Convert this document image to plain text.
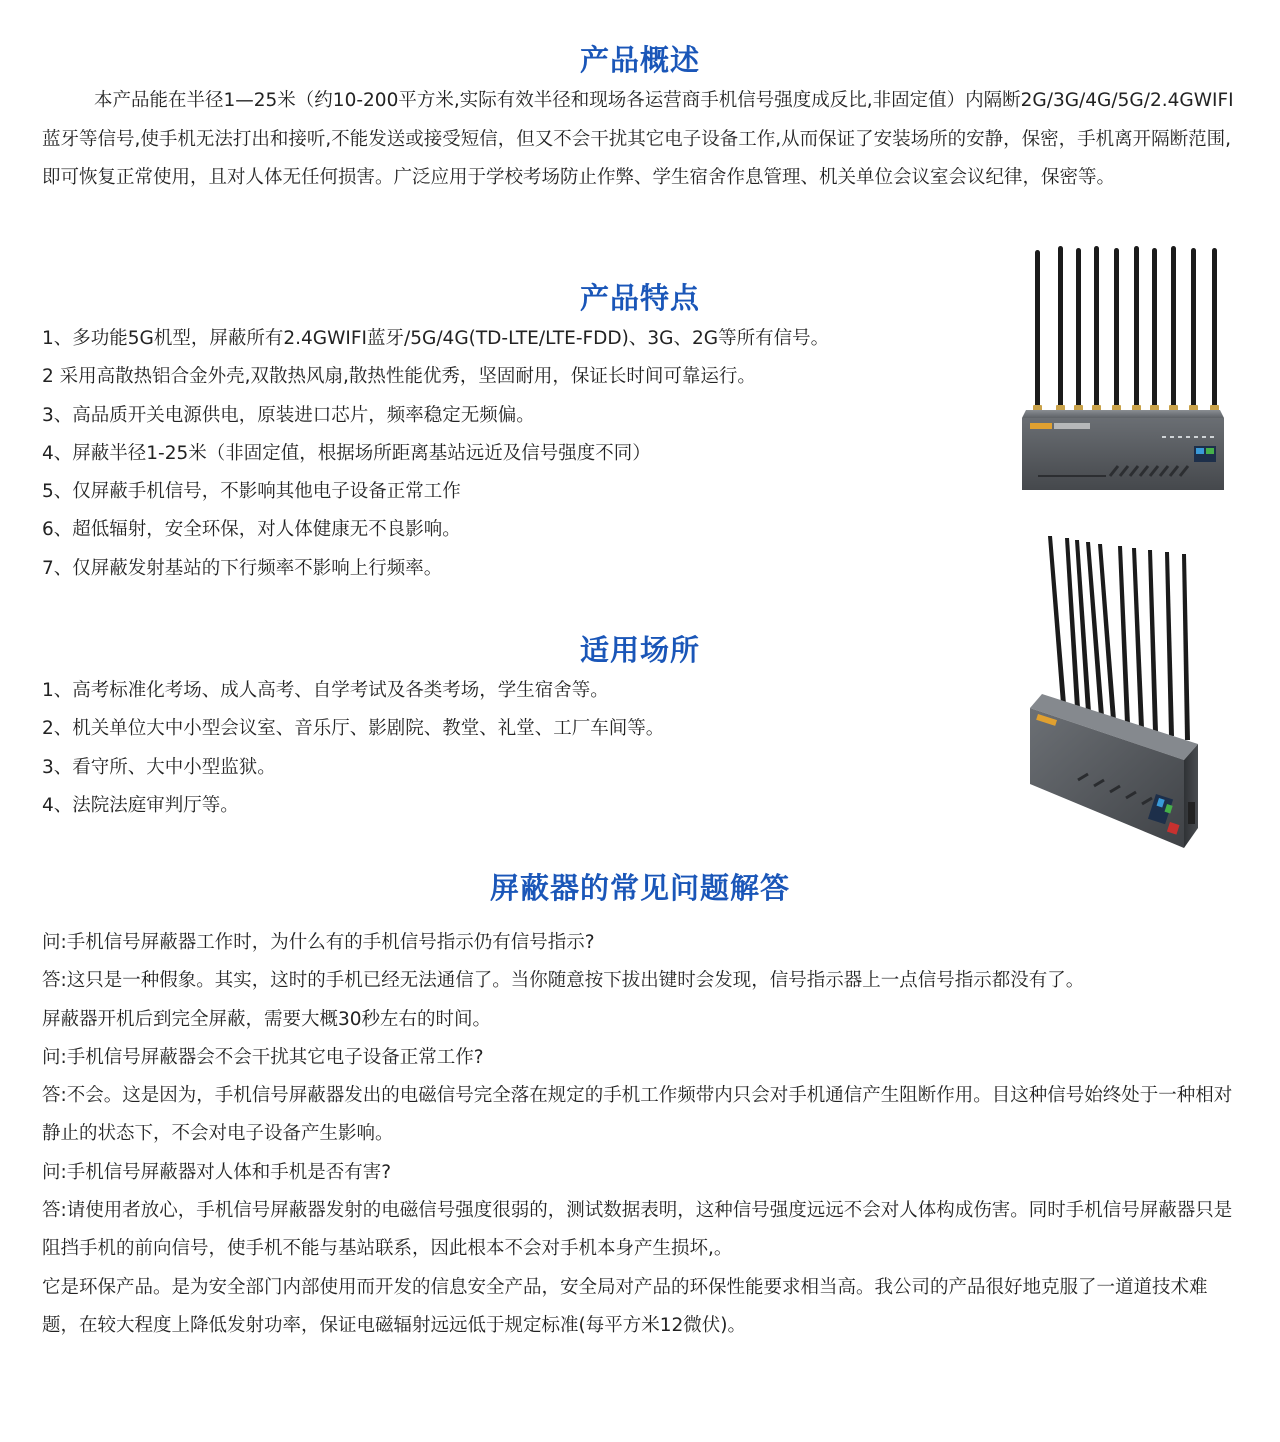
产品概述

本产品能在半径1—25米（约10-200平方米,实际有效半径和现场各运营商手机信号强度成反比,非固定值）内隔断2G/3G/4G/5G/2.4GWIFI蓝牙等信号,使手机无法打出和接听,不能发送或接受短信，但又不会干扰其它电子设备工作,从而保证了安装场所的安静，保密，手机离开隔断范围,即可恢复正常使用，且对人体无任何损害。广泛应用于学校考场防止作弊、学生宿舍作息管理、机关单位会议室会议纪律，保密等。

产品特点
1、多功能5G机型，屏蔽所有2.4GWIFI蓝牙/5G/4G(TD-LTE/LTE-FDD)、3G、2G等所有信号。
2 采用高散热铝合金外壳,双散热风扇,散热性能优秀，坚固耐用，保证长时间可靠运行。
3、高品质开关电源供电，原装进口芯片，频率稳定无频偏。
4、屏蔽半径1-25米（非固定值，根据场所距离基站远近及信号强度不同）
5、仅屏蔽手机信号，不影响其他电子设备正常工作
6、超低辐射，安全环保，对人体健康无不良影响。
7、仅屏蔽发射基站的下行频率不影响上行频率。
适用场所
1、高考标准化考场、成人高考、自学考试及各类考场，学生宿舍等。
2、机关单位大中小型会议室、音乐厅、影剧院、教堂、礼堂、工厂车间等。
3、看守所、大中小型监狱。
4、法院法庭审判厅等。
屏蔽器的常见问题解答

问:手机信号屏蔽器工作时，为什么有的手机信号指示仍有信号指示?

答:这只是一种假象。其实，这时的手机已经无法通信了。当你随意按下拔出键时会发现，信号指示器上一点信号指示都没有了。

屏蔽器开机后到完全屏蔽，需要大概30秒左右的时间。

问:手机信号屏蔽器会不会干扰其它电子设备正常工作?

答:不会。这是因为，手机信号屏蔽器发出的电磁信号完全落在规定的手机工作频带内只会对手机通信产生阻断作用。目这种信号始终处于一种相对静止的状态下，不会对电子设备产生影响。

问:手机信号屏蔽器对人体和手机是否有害?

答:请使用者放心，手机信号屏蔽器发射的电磁信号强度很弱的，测试数据表明，这种信号强度远远不会对人体构成伤害。同时手机信号屏蔽器只是阻挡手机的前向信号，使手机不能与基站联系，因此根本不会对手机本身产生损坏,。

它是环保产品。是为安全部门内部使用而开发的信息安全产品，安全局对产品的环保性能要求相当高。我公司的产品很好地克服了一道道技术难题，在较大程度上降低发射功率，保证电磁辐射远远低于规定标准(每平方米12微伏)。
